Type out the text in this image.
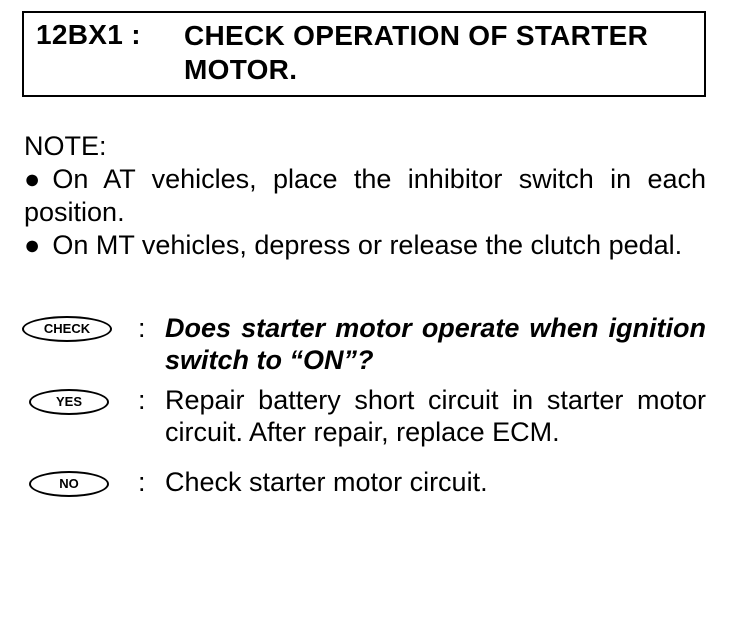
12BX1 : CHECK OPERATION OF STARTER MOTOR.
NOTE:
● On AT vehicles, place the inhibitor switch in each position.
● On MT vehicles, depress or release the clutch pedal.
CHECK	: Does starter motor operate when ignition switch to “ON”?
YES	: Repair battery short circuit in starter motor circuit. After repair, replace ECM.
NO	: Check starter motor circuit.
